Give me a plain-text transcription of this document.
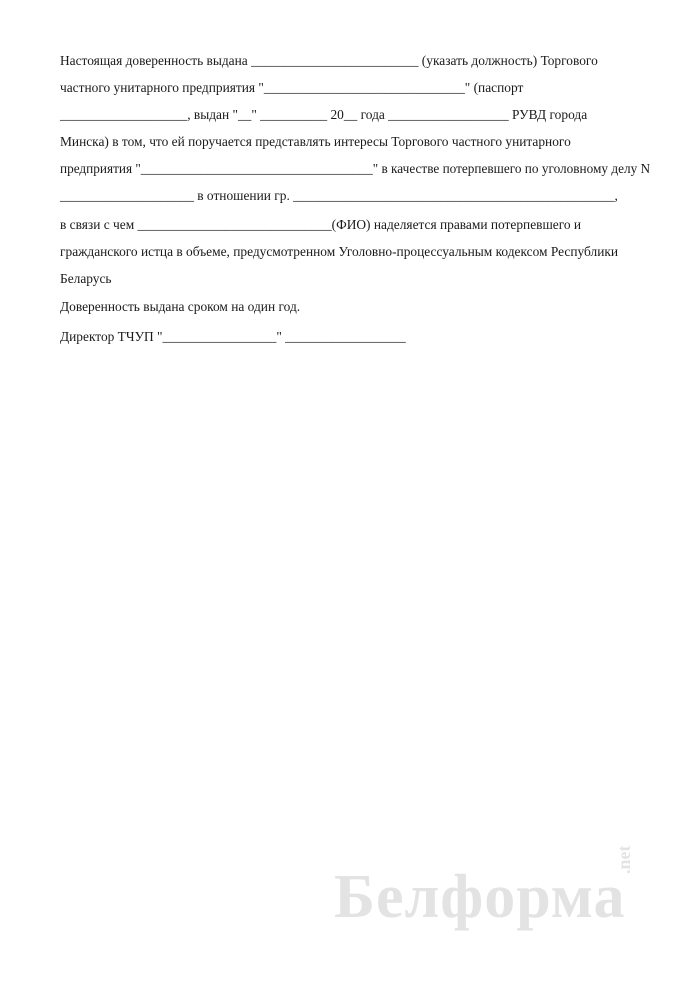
Настоящая доверенность выдана _________________________ (указать должность) Торгового

частного унитарного предприятия "______________________________" (паспорт

___________________, выдан "__" __________ 20__ года __________________ РУВД города

Минска) в том, что ей поручается представлять интересы Торгового частного унитарного

предприятия "___________________________________" в качестве потерпевшего по уголовному делу N

____________________ в отношении гр. ________________________________________________,

в связи с чем _____________________________(ФИО) наделяется правами потерпевшего и

гражданского истца в объеме, предусмотренном Уголовно-процессуальным кодексом Республики

Беларусь

Доверенность выдана сроком на один год.

Директор ТЧУП "_________________" __________________

Белформа
.net
